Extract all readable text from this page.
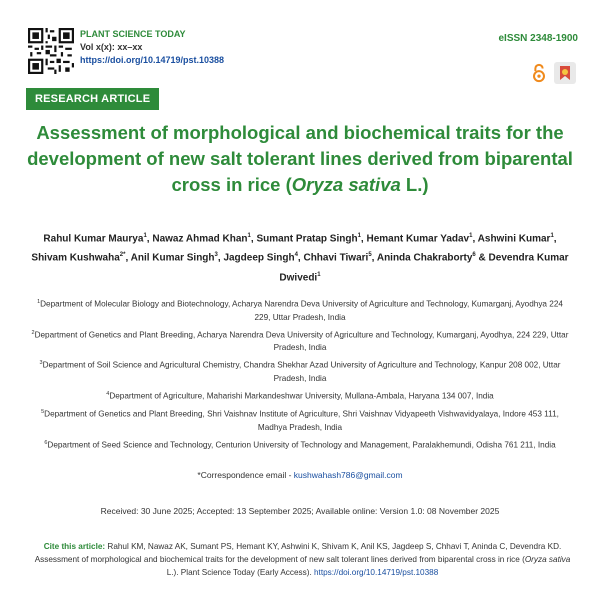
PLANT SCIENCE TODAY
Vol x(x): xx–xx
https://doi.org/10.14719/pst.10388
eISSN 2348-1900
RESEARCH ARTICLE
Assessment of morphological and biochemical traits for the development of new salt tolerant lines derived from biparental cross in rice (Oryza sativa L.)
Rahul Kumar Maurya$^1$, Nawaz Ahmad Khan$^1$, Sumant Pratap Singh$^1$, Hemant Kumar Yadav$^1$, Ashwini Kumar$^1$, Shivam Kushwaha$^{2*}$, Anil Kumar Singh$^3$, Jagdeep Singh$^4$, Chhavi Tiwari$^5$, Aninda Chakraborty$^6$ & Devendra Kumar Dwivedi$^1$
$^1$Department of Molecular Biology and Biotechnology, Acharya Narendra Deva University of Agriculture and Technology, Kumarganj, Ayodhya 224 229, Uttar Pradesh, India
$^2$Department of Genetics and Plant Breeding, Acharya Narendra Deva University of Agriculture and Technology, Kumarganj, Ayodhya, 224 229, Uttar Pradesh, India
$^3$Department of Soil Science and Agricultural Chemistry, Chandra Shekhar Azad University of Agriculture and Technology, Kanpur 208 002, Uttar Pradesh, India
$^4$Department of Agriculture, Maharishi Markandeshwar University, Mullana-Ambala, Haryana 134 007, India
$^5$Department of Genetics and Plant Breeding, Shri Vaishnav Institute of Agriculture, Shri Vaishnav Vidyapeeth Vishwavidyalaya, Indore 453 111, Madhya Pradesh, India
$^6$Department of Seed Science and Technology, Centurion University of Technology and Management, Paralakhemundi, Odisha 761 211, India
*Correspondence email - kushwahash786@gmail.com
Received: 30 June 2025; Accepted: 13 September 2025; Available online: Version 1.0: 08 November 2025
Cite this article: Rahul KM, Nawaz AK, Sumant PS, Hemant KY, Ashwini K, Shivam K, Anil KS, Jagdeep S, Chhavi T, Aninda C, Devendra KD. Assessment of morphological and biochemical traits for the development of new salt tolerant lines derived from biparental cross in rice (Oryza sativa L.). Plant Science Today (Early Access). https://doi.org/10.14719/pst.10388
